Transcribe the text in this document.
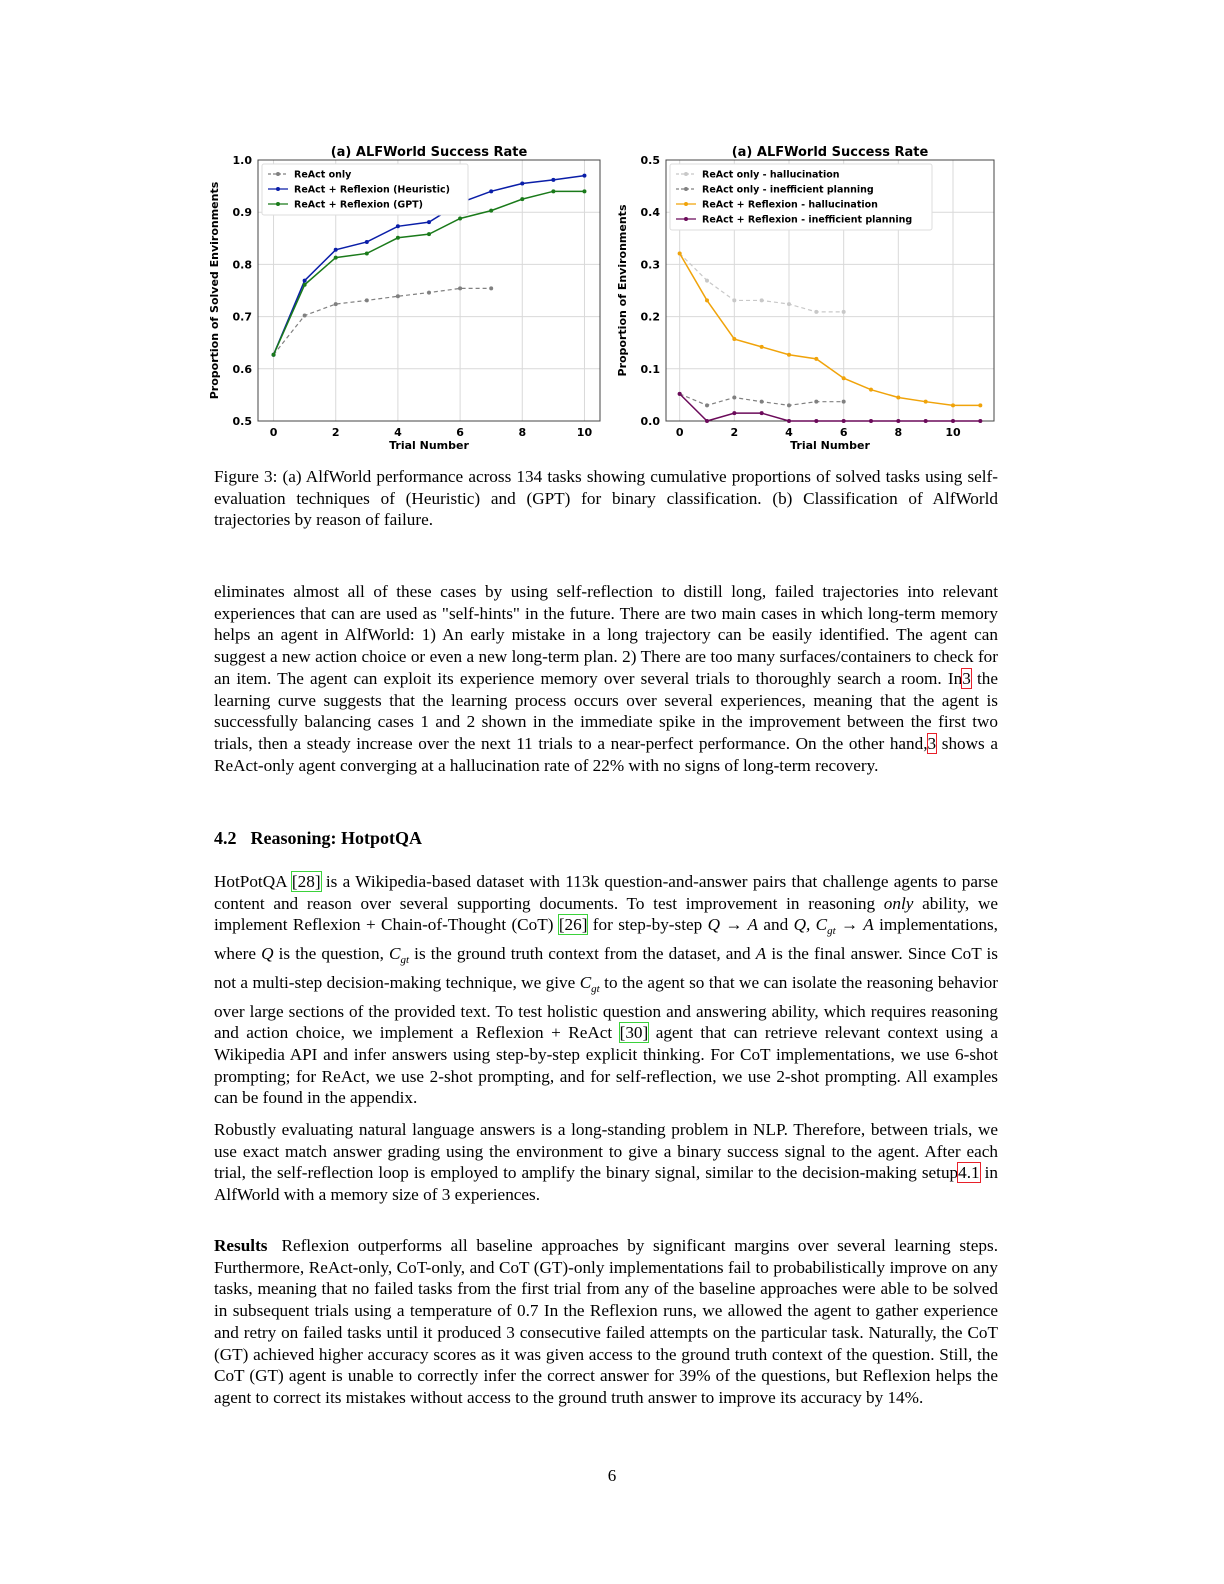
0.5
0.6
0.7
0.8
0.9
1.0
0	2	4	6	8	10
(a) ALFWorld Success Rate
Trial Number
Proportion of Solved Environments
ReAct only
ReAct + Reflexion (Heuristic)
ReAct + Reflexion (GPT)
0.0
0.1
0.2
0.3
0.4
0.5
0	2	4	6	8	10
(a) ALFWorld Success Rate
Trial Number
Proportion of Environments
ReAct only - hallucination
ReAct only - inefficient planning
ReAct + Reflexion - hallucination
ReAct + Reflexion - inefficient planning

Figure 3: (a) AlfWorld performance across 134 tasks showing cumulative proportions of solved tasks using self-evaluation techniques of (Heuristic) and (GPT) for binary classification. (b) Classification of AlfWorld trajectories by reason of failure.

eliminates almost all of these cases by using self-reflection to distill long, failed trajectories into relevant experiences that can are used as "self-hints" in the future. There are two main cases in which long-term memory helps an agent in AlfWorld: 1) An early mistake in a long trajectory can be easily identified. The agent can suggest a new action choice or even a new long-term plan. 2) There are too many surfaces/containers to check for an item. The agent can exploit its experience memory over several trials to thoroughly search a room. In3 the learning curve suggests that the learning process occurs over several experiences, meaning that the agent is successfully balancing cases 1 and 2 shown in the immediate spike in the improvement between the first two trials, then a steady increase over the next 11 trials to a near-perfect performance. On the other hand,3 shows a ReAct-only agent converging at a hallucination rate of 22% with no signs of long-term recovery.

4.2 Reasoning: HotpotQA

HotPotQA [28] is a Wikipedia-based dataset with 113k question-and-answer pairs that challenge agents to parse content and reason over several supporting documents. To test improvement in reasoning only ability, we implement Reflexion + Chain-of-Thought (CoT) [26] for step-by-step Q → A and Q, $C_{gt} \to A$ implementations, where Q is the question, $C_{gt}$ is the ground truth context from the dataset, and A is the final answer. Since CoT is not a multi-step decision-making technique, we give $C_{gt}$ to the agent so that we can isolate the reasoning behavior over large sections of the provided text. To test holistic question and answering ability, which requires reasoning and action choice, we implement a Reflexion + ReAct [30] agent that can retrieve relevant context using a Wikipedia API and infer answers using step-by-step explicit thinking. For CoT implementations, we use 6-shot prompting; for ReAct, we use 2-shot prompting, and for self-reflection, we use 2-shot prompting. All examples can be found in the appendix.

Robustly evaluating natural language answers is a long-standing problem in NLP. Therefore, between trials, we use exact match answer grading using the environment to give a binary success signal to the agent. After each trial, the self-reflection loop is employed to amplify the binary signal, similar to the decision-making setup4.1 in AlfWorld with a memory size of 3 experiences.

Results Reflexion outperforms all baseline approaches by significant margins over several learning steps. Furthermore, ReAct-only, CoT-only, and CoT (GT)-only implementations fail to probabilistically improve on any tasks, meaning that no failed tasks from the first trial from any of the baseline approaches were able to be solved in subsequent trials using a temperature of 0.7 In the Reflexion runs, we allowed the agent to gather experience and retry on failed tasks until it produced 3 consecutive failed attempts on the particular task. Naturally, the CoT (GT) achieved higher accuracy scores as it was given access to the ground truth context of the question. Still, the CoT (GT) agent is unable to correctly infer the correct answer for 39% of the questions, but Reflexion helps the agent to correct its mistakes without access to the ground truth answer to improve its accuracy by 14%.

6
